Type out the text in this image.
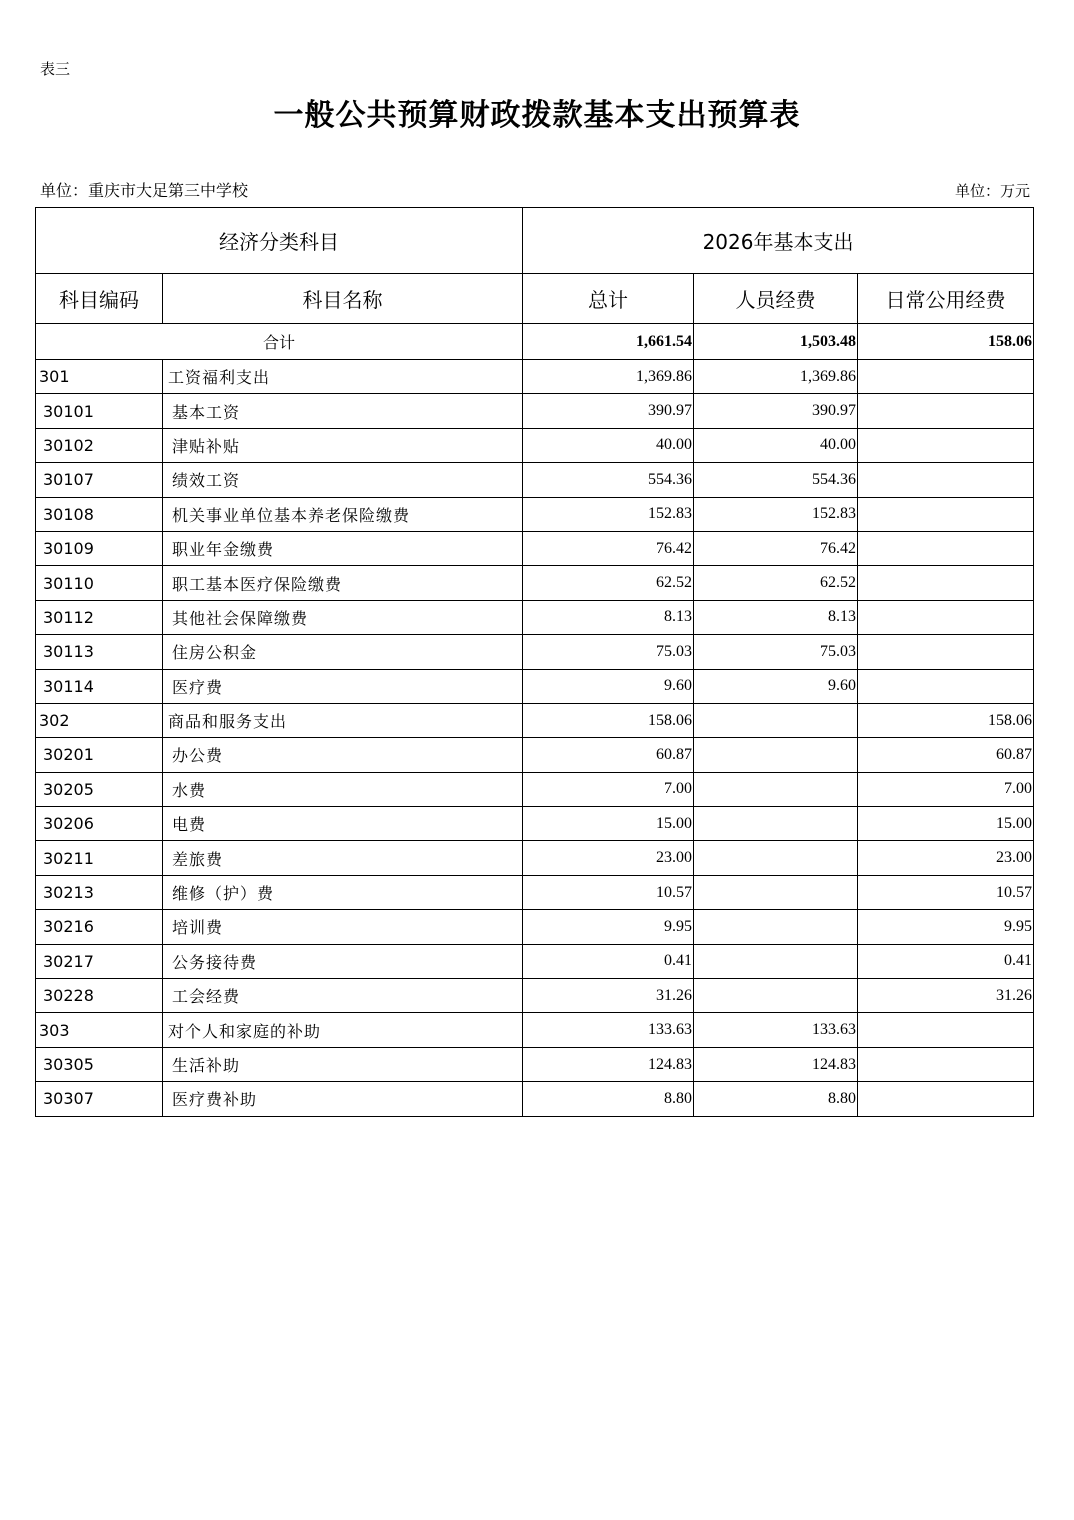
表三
一般公共预算财政拨款基本支出预算表
单位：重庆市大足第三中学校	单位：万元
经济分类科目		2026年基本支出		
科目编码	科目名称	总计	人员经费	日常公用经费
合计		1,661.54	1,503.48	158.06
301	工资福利支出	1,369.86	1,369.86	
30101	基本工资	390.97	390.97	
30102	津贴补贴	40.00	40.00	
30107	绩效工资	554.36	554.36	
30108	机关事业单位基本养老保险缴费	152.83	152.83	
30109	职业年金缴费	76.42	76.42	
30110	职工基本医疗保险缴费	62.52	62.52	
30112	其他社会保障缴费	8.13	8.13	
30113	住房公积金	75.03	75.03	
30114	医疗费	9.60	9.60	
302	商品和服务支出	158.06		158.06
30201	办公费	60.87		60.87
30205	水费	7.00		7.00
30206	电费	15.00		15.00
30211	差旅费	23.00		23.00
30213	维修（护）费	10.57		10.57
30216	培训费	9.95		9.95
30217	公务接待费	0.41		0.41
30228	工会经费	31.26		31.26
303	对个人和家庭的补助	133.63	133.63	
30305	生活补助	124.83	124.83	
30307	医疗费补助	8.80	8.80	
